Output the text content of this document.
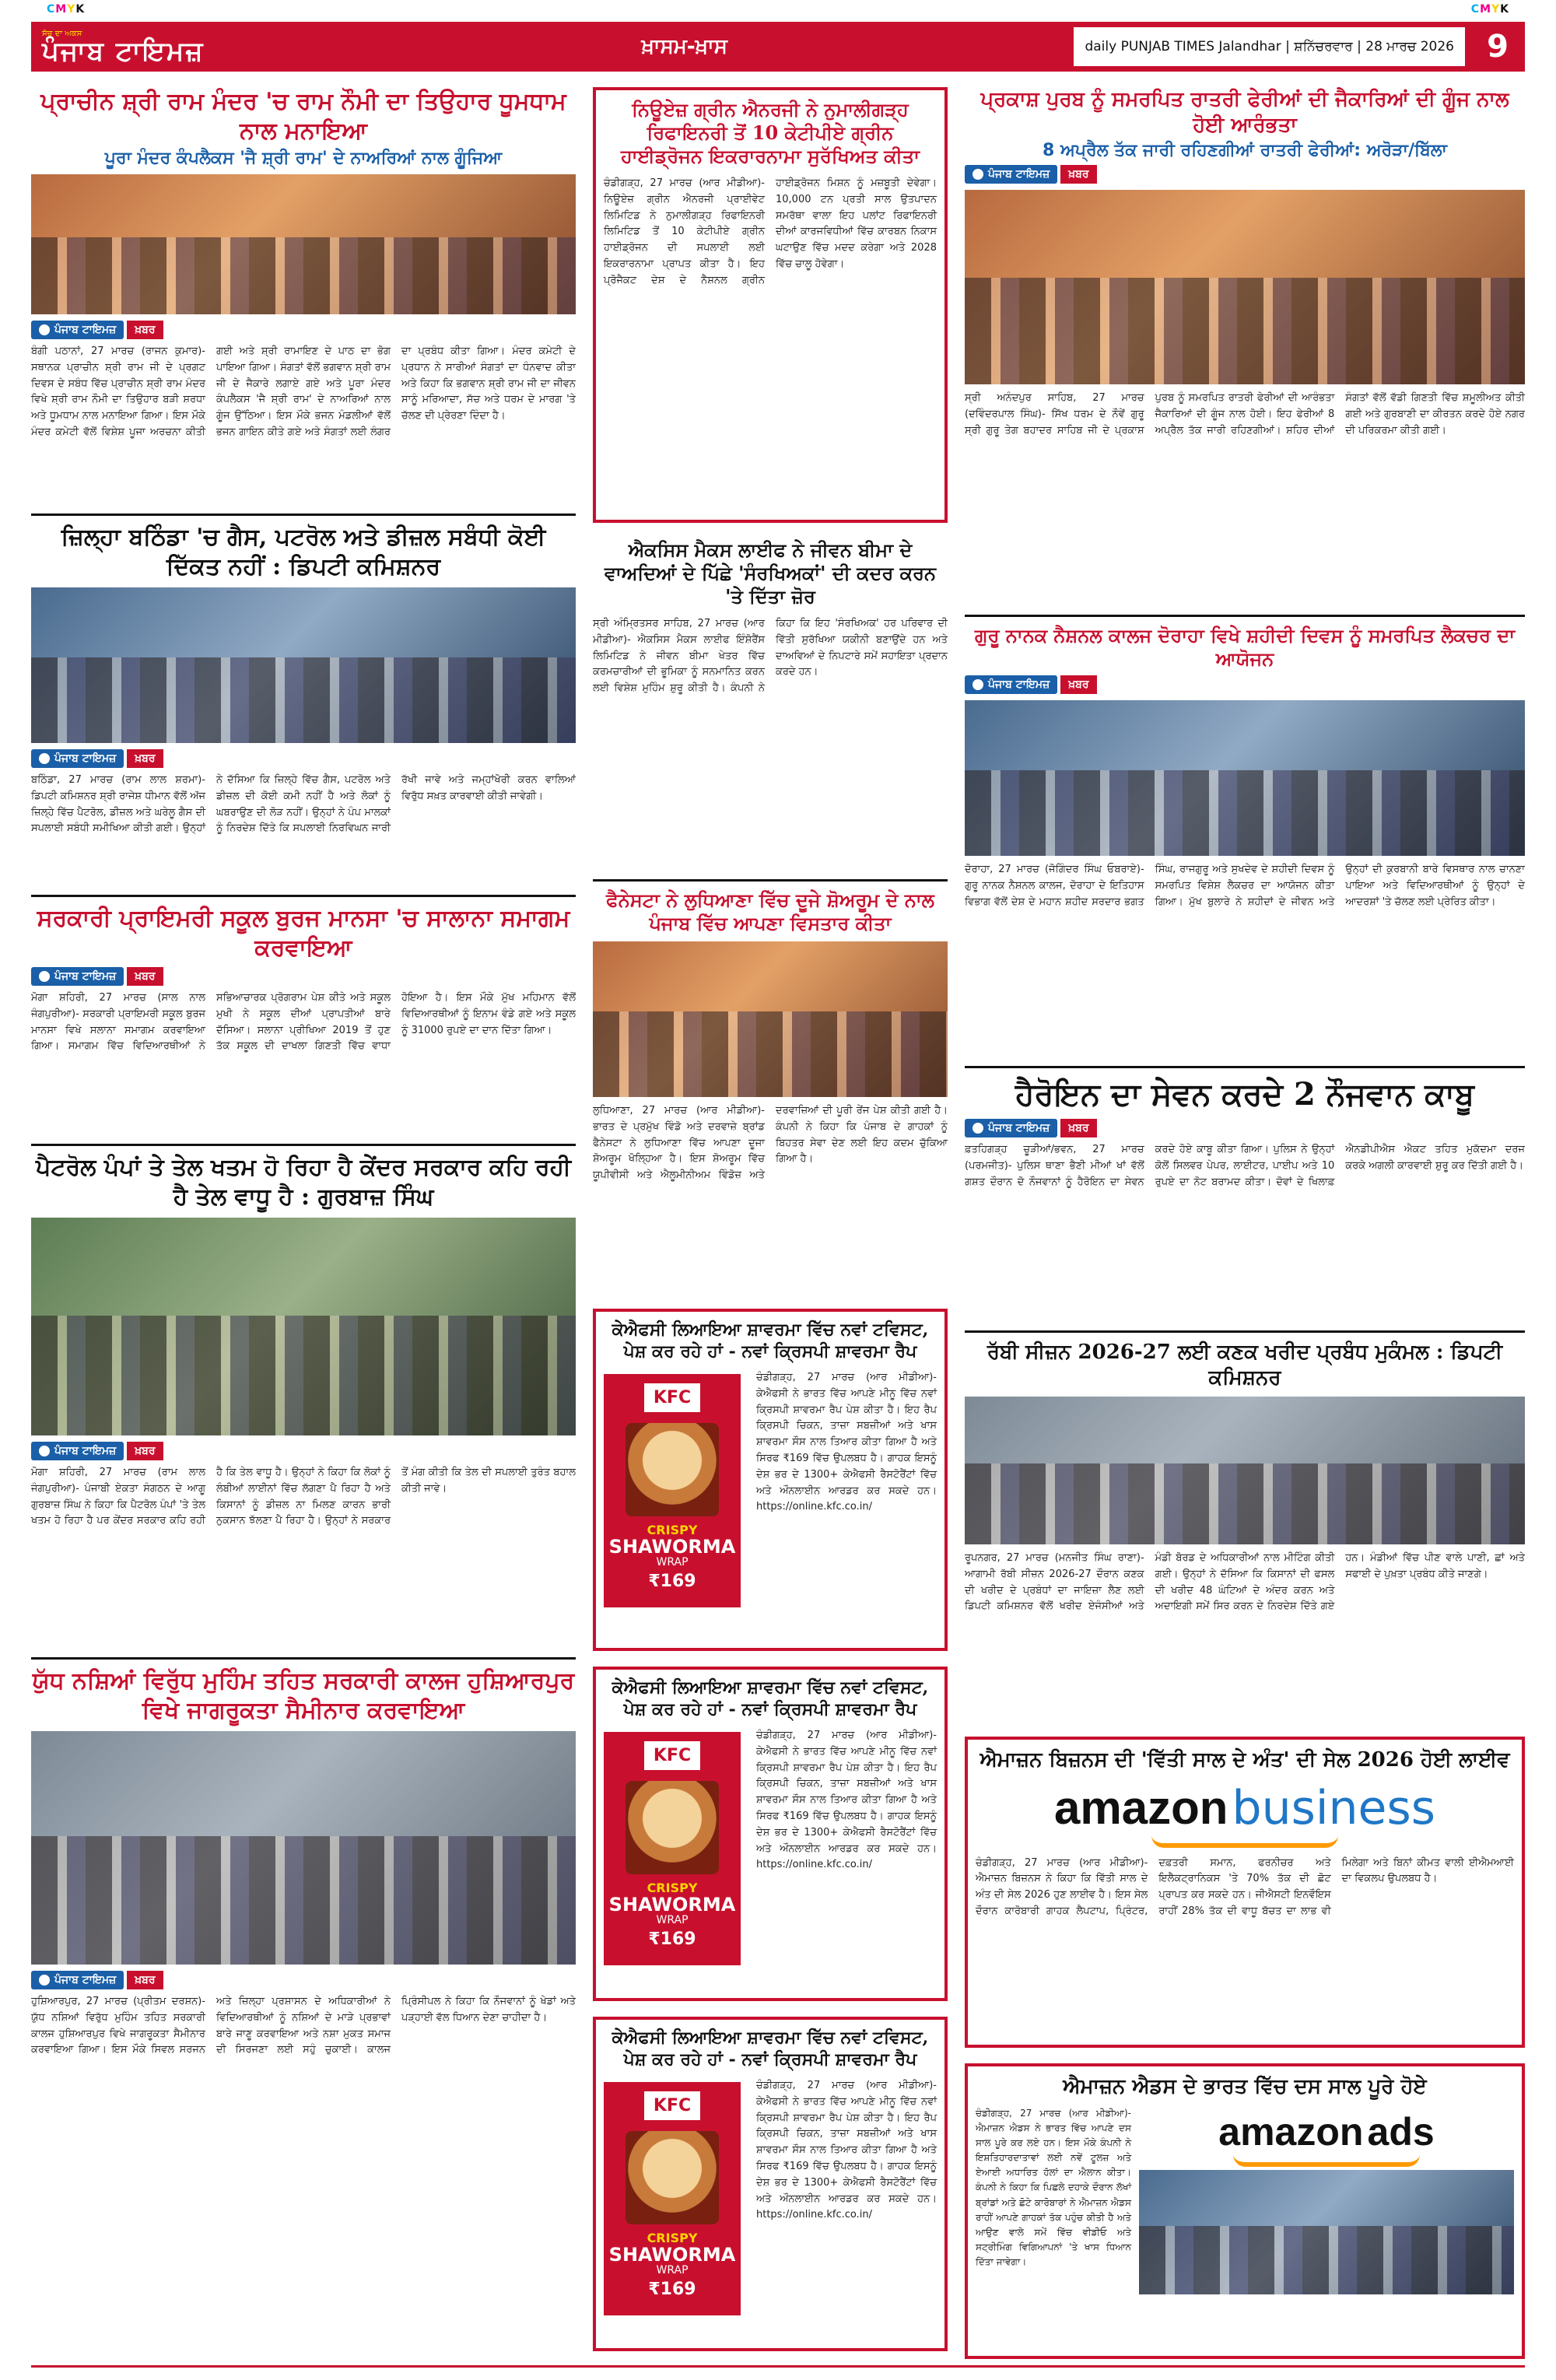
CMYK	CMYK
ਸੱਚ ਦਾ ਅਕਸ
ਪੰਜਾਬ ਟਾਇਮਜ਼	ਖ਼ਾਸਮ-ਖ਼ਾਸ	daily PUNJAB TIMES Jalandhar | ਸ਼ਨਿੱਚਰਵਾਰ | 28 ਮਾਰਚ 2026	9
ਪ੍ਰਾਚੀਨ ਸ਼੍ਰੀ ਰਾਮ ਮੰਦਰ 'ਚ ਰਾਮ ਨੌਮੀ ਦਾ ਤਿਉਹਾਰ ਧੂਮਧਾਮ ਨਾਲ ਮਨਾਇਆ
ਪੂਰਾ ਮੰਦਰ ਕੰਪਲੈਕਸ 'ਜੈ ਸ਼੍ਰੀ ਰਾਮ' ਦੇ ਨਾਅਰਿਆਂ ਨਾਲ ਗੂੰਜਿਆ
ਪੰਜਾਬ ਟਾਇਮਜ਼	ਖ਼ਬਰ
ਬੰਗੀ ਪਠਾਨਾਂ, 27 ਮਾਰਚ (ਰਾਜਨ ਕੁਮਾਰ)- ਸਥਾਨਕ ਪ੍ਰਾਚੀਨ ਸ਼੍ਰੀ ਰਾਮ ਜੀ ਦੇ ਪ੍ਰਗਟ ਦਿਵਸ ਦੇ ਸਬੰਧ ਵਿੱਚ ਪ੍ਰਾਚੀਨ ਸ਼੍ਰੀ ਰਾਮ ਮੰਦਰ ਵਿਖੇ ਸ਼੍ਰੀ ਰਾਮ ਨੌਮੀ ਦਾ ਤਿਉਹਾਰ ਬੜੀ ਸ਼ਰਧਾ ਅਤੇ ਧੂਮਧਾਮ ਨਾਲ ਮਨਾਇਆ ਗਿਆ। ਇਸ ਮੌਕੇ ਮੰਦਰ ਕਮੇਟੀ ਵੱਲੋਂ ਵਿਸ਼ੇਸ਼ ਪੂਜਾ ਅਰਚਨਾ ਕੀਤੀ ਗਈ ਅਤੇ ਸ਼੍ਰੀ ਰਾਮਾਇਣ ਦੇ ਪਾਠ ਦਾ ਭੋਗ ਪਾਇਆ ਗਿਆ। ਸੰਗਤਾਂ ਵੱਲੋਂ ਭਗਵਾਨ ਸ਼੍ਰੀ ਰਾਮ ਜੀ ਦੇ ਜੈਕਾਰੇ ਲਗਾਏ ਗਏ ਅਤੇ ਪੂਰਾ ਮੰਦਰ ਕੰਪਲੈਕਸ 'ਜੈ ਸ਼੍ਰੀ ਰਾਮ' ਦੇ ਨਾਅਰਿਆਂ ਨਾਲ ਗੂੰਜ ਉੱਠਿਆ। ਇਸ ਮੌਕੇ ਭਜਨ ਮੰਡਲੀਆਂ ਵੱਲੋਂ ਭਜਨ ਗਾਇਨ ਕੀਤੇ ਗਏ ਅਤੇ ਸੰਗਤਾਂ ਲਈ ਲੰਗਰ ਦਾ ਪ੍ਰਬੰਧ ਕੀਤਾ ਗਿਆ। ਮੰਦਰ ਕਮੇਟੀ ਦੇ ਪ੍ਰਧਾਨ ਨੇ ਸਾਰੀਆਂ ਸੰਗਤਾਂ ਦਾ ਧੰਨਵਾਦ ਕੀਤਾ ਅਤੇ ਕਿਹਾ ਕਿ ਭਗਵਾਨ ਸ਼੍ਰੀ ਰਾਮ ਜੀ ਦਾ ਜੀਵਨ ਸਾਨੂੰ ਮਰਿਆਦਾ, ਸੱਚ ਅਤੇ ਧਰਮ ਦੇ ਮਾਰਗ 'ਤੇ ਚੱਲਣ ਦੀ ਪ੍ਰੇਰਣਾ ਦਿੰਦਾ ਹੈ।
ਜ਼ਿਲ੍ਹਾ ਬਠਿੰਡਾ 'ਚ ਗੈਸ, ਪਟਰੋਲ ਅਤੇ ਡੀਜ਼ਲ ਸਬੰਧੀ ਕੋਈ ਦਿੱਕਤ ਨਹੀਂ : ਡਿਪਟੀ ਕਮਿਸ਼ਨਰ
ਪੰਜਾਬ ਟਾਇਮਜ਼	ਖ਼ਬਰ
ਬਠਿੰਡਾ, 27 ਮਾਰਚ (ਰਾਮ ਲਾਲ ਸ਼ਰਮਾ)- ਡਿਪਟੀ ਕਮਿਸ਼ਨਰ ਸ਼੍ਰੀ ਰਾਜੇਸ਼ ਧੀਮਾਨ ਵੱਲੋਂ ਅੱਜ ਜ਼ਿਲ੍ਹੇ ਵਿੱਚ ਪੈਟਰੋਲ, ਡੀਜ਼ਲ ਅਤੇ ਘਰੇਲੂ ਗੈਸ ਦੀ ਸਪਲਾਈ ਸਬੰਧੀ ਸਮੀਖਿਆ ਕੀਤੀ ਗਈ। ਉਨ੍ਹਾਂ ਨੇ ਦੱਸਿਆ ਕਿ ਜ਼ਿਲ੍ਹੇ ਵਿੱਚ ਗੈਸ, ਪਟਰੋਲ ਅਤੇ ਡੀਜ਼ਲ ਦੀ ਕੋਈ ਕਮੀ ਨਹੀਂ ਹੈ ਅਤੇ ਲੋਕਾਂ ਨੂੰ ਘਬਰਾਉਣ ਦੀ ਲੋੜ ਨਹੀਂ। ਉਨ੍ਹਾਂ ਨੇ ਪੰਪ ਮਾਲਕਾਂ ਨੂੰ ਨਿਰਦੇਸ਼ ਦਿੱਤੇ ਕਿ ਸਪਲਾਈ ਨਿਰਵਿਘਨ ਜਾਰੀ ਰੱਖੀ ਜਾਵੇ ਅਤੇ ਜਮ੍ਹਾਂਖੋਰੀ ਕਰਨ ਵਾਲਿਆਂ ਵਿਰੁੱਧ ਸਖ਼ਤ ਕਾਰਵਾਈ ਕੀਤੀ ਜਾਵੇਗੀ।
ਸਰਕਾਰੀ ਪ੍ਰਾਇਮਰੀ ਸਕੂਲ ਬੁਰਜ ਮਾਨਸਾ 'ਚ ਸਾਲਾਨਾ ਸਮਾਗਮ ਕਰਵਾਇਆ
ਪੰਜਾਬ ਟਾਇਮਜ਼	ਖ਼ਬਰ
ਮੋਗਾ ਸ਼ਹਿਰੀ, 27 ਮਾਰਚ (ਸਾਲ ਨਾਲ ਜੰਗਪੁਰੀਆ)- ਸਰਕਾਰੀ ਪ੍ਰਾਇਮਰੀ ਸਕੂਲ ਬੁਰਜ ਮਾਨਸਾ ਵਿਖੇ ਸਲਾਨਾ ਸਮਾਗਮ ਕਰਵਾਇਆ ਗਿਆ। ਸਮਾਗਮ ਵਿੱਚ ਵਿਦਿਆਰਥੀਆਂ ਨੇ ਸਭਿਆਚਾਰਕ ਪ੍ਰੋਗਰਾਮ ਪੇਸ਼ ਕੀਤੇ ਅਤੇ ਸਕੂਲ ਮੁਖੀ ਨੇ ਸਕੂਲ ਦੀਆਂ ਪ੍ਰਾਪਤੀਆਂ ਬਾਰੇ ਦੱਸਿਆ। ਸਲਾਨਾ ਪ੍ਰੀਖਿਆ 2019 ਤੋਂ ਹੁਣ ਤੱਕ ਸਕੂਲ ਦੀ ਦਾਖਲਾ ਗਿਣਤੀ ਵਿੱਚ ਵਾਧਾ ਹੋਇਆ ਹੈ। ਇਸ ਮੌਕੇ ਮੁੱਖ ਮਹਿਮਾਨ ਵੱਲੋਂ ਵਿਦਿਆਰਥੀਆਂ ਨੂੰ ਇਨਾਮ ਵੰਡੇ ਗਏ ਅਤੇ ਸਕੂਲ ਨੂੰ 31000 ਰੁਪਏ ਦਾ ਦਾਨ ਦਿੱਤਾ ਗਿਆ।
ਪੈਟਰੋਲ ਪੰਪਾਂ ਤੇ ਤੇਲ ਖਤਮ ਹੋ ਰਿਹਾ ਹੈ ਕੇਂਦਰ ਸਰਕਾਰ ਕਹਿ ਰਹੀ ਹੈ ਤੇਲ ਵਾਧੂ ਹੈ : ਗੁਰਬਾਜ਼ ਸਿੰਘ
ਪੰਜਾਬ ਟਾਇਮਜ਼	ਖ਼ਬਰ
ਮੋਗਾ ਸ਼ਹਿਰੀ, 27 ਮਾਰਚ (ਰਾਮ ਲਾਲ ਜੰਗਪੁਰੀਆ)- ਪੰਜਾਬੀ ਏਕਤਾ ਸੰਗਠਨ ਦੇ ਆਗੂ ਗੁਰਬਾਜ਼ ਸਿੰਘ ਨੇ ਕਿਹਾ ਕਿ ਪੈਟਰੋਲ ਪੰਪਾਂ 'ਤੇ ਤੇਲ ਖਤਮ ਹੋ ਰਿਹਾ ਹੈ ਪਰ ਕੇਂਦਰ ਸਰਕਾਰ ਕਹਿ ਰਹੀ ਹੈ ਕਿ ਤੇਲ ਵਾਧੂ ਹੈ। ਉਨ੍ਹਾਂ ਨੇ ਕਿਹਾ ਕਿ ਲੋਕਾਂ ਨੂੰ ਲੰਬੀਆਂ ਲਾਈਨਾਂ ਵਿੱਚ ਲੱਗਣਾ ਪੈ ਰਿਹਾ ਹੈ ਅਤੇ ਕਿਸਾਨਾਂ ਨੂੰ ਡੀਜ਼ਲ ਨਾ ਮਿਲਣ ਕਾਰਨ ਭਾਰੀ ਨੁਕਸਾਨ ਝੱਲਣਾ ਪੈ ਰਿਹਾ ਹੈ। ਉਨ੍ਹਾਂ ਨੇ ਸਰਕਾਰ ਤੋਂ ਮੰਗ ਕੀਤੀ ਕਿ ਤੇਲ ਦੀ ਸਪਲਾਈ ਤੁਰੰਤ ਬਹਾਲ ਕੀਤੀ ਜਾਵੇ।
ਯੁੱਧ ਨਸ਼ਿਆਂ ਵਿਰੁੱਧ ਮੁਹਿੰਮ ਤਹਿਤ ਸਰਕਾਰੀ ਕਾਲਜ ਹੁਸ਼ਿਆਰਪੁਰ ਵਿਖੇ ਜਾਗਰੂਕਤਾ ਸੈਮੀਨਾਰ ਕਰਵਾਇਆ
ਪੰਜਾਬ ਟਾਇਮਜ਼	ਖ਼ਬਰ
ਹੁਸ਼ਿਆਰਪੁਰ, 27 ਮਾਰਚ (ਪ੍ਰੀਤਮ ਦਰਸ਼ਨ)- ਯੁੱਧ ਨਸ਼ਿਆਂ ਵਿਰੁੱਧ ਮੁਹਿੰਮ ਤਹਿਤ ਸਰਕਾਰੀ ਕਾਲਜ ਹੁਸ਼ਿਆਰਪੁਰ ਵਿਖੇ ਜਾਗਰੂਕਤਾ ਸੈਮੀਨਾਰ ਕਰਵਾਇਆ ਗਿਆ। ਇਸ ਮੌਕੇ ਸਿਵਲ ਸਰਜਨ ਅਤੇ ਜ਼ਿਲ੍ਹਾ ਪ੍ਰਸ਼ਾਸਨ ਦੇ ਅਧਿਕਾਰੀਆਂ ਨੇ ਵਿਦਿਆਰਥੀਆਂ ਨੂੰ ਨਸ਼ਿਆਂ ਦੇ ਮਾੜੇ ਪ੍ਰਭਾਵਾਂ ਬਾਰੇ ਜਾਣੂ ਕਰਵਾਇਆ ਅਤੇ ਨਸ਼ਾ ਮੁਕਤ ਸਮਾਜ ਦੀ ਸਿਰਜਣਾ ਲਈ ਸਹੁੰ ਚੁਕਾਈ। ਕਾਲਜ ਪ੍ਰਿੰਸੀਪਲ ਨੇ ਕਿਹਾ ਕਿ ਨੌਜਵਾਨਾਂ ਨੂੰ ਖੇਡਾਂ ਅਤੇ ਪੜ੍ਹਾਈ ਵੱਲ ਧਿਆਨ ਦੇਣਾ ਚਾਹੀਦਾ ਹੈ।
ਨਿਊਏਜ਼ ਗ੍ਰੀਨ ਐਨਰਜੀ ਨੇ ਨੁਮਾਲੀਗੜ੍ਹ ਰਿਫਾਇਨਰੀ ਤੋਂ 10 ਕੇਟੀਪੀਏ ਗ੍ਰੀਨ ਹਾਈਡ੍ਰੋਜਨ ਇਕਰਾਰਨਾਮਾ ਸੁਰੱਖਿਅਤ ਕੀਤਾ
ਚੰਡੀਗੜ੍ਹ, 27 ਮਾਰਚ (ਆਰ ਮੀਡੀਆ)- ਨਿਊਏਜ਼ ਗ੍ਰੀਨ ਐਨਰਜੀ ਪ੍ਰਾਈਵੇਟ ਲਿਮਿਟਿਡ ਨੇ ਨੁਮਾਲੀਗੜ੍ਹ ਰਿਫਾਇਨਰੀ ਲਿਮਿਟਿਡ ਤੋਂ 10 ਕੇਟੀਪੀਏ ਗ੍ਰੀਨ ਹਾਈਡ੍ਰੋਜਨ ਦੀ ਸਪਲਾਈ ਲਈ ਇਕਰਾਰਨਾਮਾ ਪ੍ਰਾਪਤ ਕੀਤਾ ਹੈ। ਇਹ ਪ੍ਰੋਜੈਕਟ ਦੇਸ਼ ਦੇ ਨੈਸ਼ਨਲ ਗ੍ਰੀਨ ਹਾਈਡ੍ਰੋਜਨ ਮਿਸ਼ਨ ਨੂੰ ਮਜ਼ਬੂਤੀ ਦੇਵੇਗਾ। 10,000 ਟਨ ਪ੍ਰਤੀ ਸਾਲ ਉਤਪਾਦਨ ਸਮਰੱਥਾ ਵਾਲਾ ਇਹ ਪਲਾਂਟ ਰਿਫਾਇਨਰੀ ਦੀਆਂ ਕਾਰਜਵਿਧੀਆਂ ਵਿੱਚ ਕਾਰਬਨ ਨਿਕਾਸ ਘਟਾਉਣ ਵਿੱਚ ਮਦਦ ਕਰੇਗਾ ਅਤੇ 2028 ਵਿੱਚ ਚਾਲੂ ਹੋਵੇਗਾ।
ਐਕਸਿਸ ਮੈਕਸ ਲਾਈਫ ਨੇ ਜੀਵਨ ਬੀਮਾ ਦੇ ਵਾਅਦਿਆਂ ਦੇ ਪਿੱਛੇ 'ਸੰਰਖਿਅਕਾਂ' ਦੀ ਕਦਰ ਕਰਨ 'ਤੇ ਦਿੱਤਾ ਜ਼ੋਰ
ਸ੍ਰੀ ਅੰਮ੍ਰਿਤਸਰ ਸਾਹਿਬ, 27 ਮਾਰਚ (ਆਰ ਮੀਡੀਆ)- ਐਕਸਿਸ ਮੈਕਸ ਲਾਈਫ ਇੰਸ਼ੋਰੈਂਸ ਲਿਮਿਟਿਡ ਨੇ ਜੀਵਨ ਬੀਮਾ ਖੇਤਰ ਵਿੱਚ ਕਰਮਚਾਰੀਆਂ ਦੀ ਭੂਮਿਕਾ ਨੂੰ ਸਨਮਾਨਿਤ ਕਰਨ ਲਈ ਵਿਸ਼ੇਸ਼ ਮੁਹਿੰਮ ਸ਼ੁਰੂ ਕੀਤੀ ਹੈ। ਕੰਪਨੀ ਨੇ ਕਿਹਾ ਕਿ ਇਹ 'ਸੰਰਖਿਅਕ' ਹਰ ਪਰਿਵਾਰ ਦੀ ਵਿੱਤੀ ਸੁਰੱਖਿਆ ਯਕੀਨੀ ਬਣਾਉਂਦੇ ਹਨ ਅਤੇ ਦਾਅਵਿਆਂ ਦੇ ਨਿਪਟਾਰੇ ਸਮੇਂ ਸਹਾਇਤਾ ਪ੍ਰਦਾਨ ਕਰਦੇ ਹਨ।
ਫੈਨੇਸਟਾ ਨੇ ਲੁਧਿਆਣਾ ਵਿੱਚ ਦੂਜੇ ਸ਼ੋਅਰੂਮ ਦੇ ਨਾਲ ਪੰਜਾਬ ਵਿੱਚ ਆਪਣਾ ਵਿਸਤਾਰ ਕੀਤਾ
ਲੁਧਿਆਣਾ, 27 ਮਾਰਚ (ਆਰ ਮੀਡੀਆ)- ਭਾਰਤ ਦੇ ਪ੍ਰਮੁੱਖ ਵਿੰਡੋ ਅਤੇ ਦਰਵਾਜ਼ੇ ਬ੍ਰਾਂਡ ਫੈਨੇਸਟਾ ਨੇ ਲੁਧਿਆਣਾ ਵਿੱਚ ਆਪਣਾ ਦੂਜਾ ਸ਼ੋਅਰੂਮ ਖੋਲ੍ਹਿਆ ਹੈ। ਇਸ ਸ਼ੋਅਰੂਮ ਵਿੱਚ ਯੂਪੀਵੀਸੀ ਅਤੇ ਐਲੂਮੀਨੀਅਮ ਵਿੰਡੋਜ਼ ਅਤੇ ਦਰਵਾਜ਼ਿਆਂ ਦੀ ਪੂਰੀ ਰੇਂਜ ਪੇਸ਼ ਕੀਤੀ ਗਈ ਹੈ। ਕੰਪਨੀ ਨੇ ਕਿਹਾ ਕਿ ਪੰਜਾਬ ਦੇ ਗਾਹਕਾਂ ਨੂੰ ਬਿਹਤਰ ਸੇਵਾ ਦੇਣ ਲਈ ਇਹ ਕਦਮ ਚੁੱਕਿਆ ਗਿਆ ਹੈ।
ਕੇਐਫਸੀ ਲਿਆਇਆ ਸ਼ਾਵਰਮਾ ਵਿੱਚ ਨਵਾਂ ਟਵਿਸਟ, ਪੇਸ਼ ਕਰ ਰਹੇ ਹਾਂ - ਨਵਾਂ ਕ੍ਰਿਸਪੀ ਸ਼ਾਵਰਮਾ ਰੈਪ
KFC
CRISPY
SHAWORMA
WRAP
₹169
ਚੰਡੀਗੜ੍ਹ, 27 ਮਾਰਚ (ਆਰ ਮੀਡੀਆ)- ਕੇਐਫਸੀ ਨੇ ਭਾਰਤ ਵਿੱਚ ਆਪਣੇ ਮੀਨੂ ਵਿੱਚ ਨਵਾਂ ਕ੍ਰਿਸਪੀ ਸ਼ਾਵਰਮਾ ਰੈਪ ਪੇਸ਼ ਕੀਤਾ ਹੈ। ਇਹ ਰੈਪ ਕ੍ਰਿਸਪੀ ਚਿਕਨ, ਤਾਜ਼ਾ ਸਬਜ਼ੀਆਂ ਅਤੇ ਖਾਸ ਸ਼ਾਵਰਮਾ ਸੌਸ ਨਾਲ ਤਿਆਰ ਕੀਤਾ ਗਿਆ ਹੈ ਅਤੇ ਸਿਰਫ ₹169 ਵਿੱਚ ਉਪਲਬਧ ਹੈ। ਗਾਹਕ ਇਸਨੂੰ ਦੇਸ਼ ਭਰ ਦੇ 1300+ ਕੇਐਫਸੀ ਰੈਸਟੋਰੈਂਟਾਂ ਵਿੱਚ ਅਤੇ ਔਨਲਾਈਨ ਆਰਡਰ ਕਰ ਸਕਦੇ ਹਨ। https://online.kfc.co.in/
ਕੇਐਫਸੀ ਲਿਆਇਆ ਸ਼ਾਵਰਮਾ ਵਿੱਚ ਨਵਾਂ ਟਵਿਸਟ, ਪੇਸ਼ ਕਰ ਰਹੇ ਹਾਂ - ਨਵਾਂ ਕ੍ਰਿਸਪੀ ਸ਼ਾਵਰਮਾ ਰੈਪ
KFC
CRISPY
SHAWORMA
WRAP
₹169
ਚੰਡੀਗੜ੍ਹ, 27 ਮਾਰਚ (ਆਰ ਮੀਡੀਆ)- ਕੇਐਫਸੀ ਨੇ ਭਾਰਤ ਵਿੱਚ ਆਪਣੇ ਮੀਨੂ ਵਿੱਚ ਨਵਾਂ ਕ੍ਰਿਸਪੀ ਸ਼ਾਵਰਮਾ ਰੈਪ ਪੇਸ਼ ਕੀਤਾ ਹੈ। ਇਹ ਰੈਪ ਕ੍ਰਿਸਪੀ ਚਿਕਨ, ਤਾਜ਼ਾ ਸਬਜ਼ੀਆਂ ਅਤੇ ਖਾਸ ਸ਼ਾਵਰਮਾ ਸੌਸ ਨਾਲ ਤਿਆਰ ਕੀਤਾ ਗਿਆ ਹੈ ਅਤੇ ਸਿਰਫ ₹169 ਵਿੱਚ ਉਪਲਬਧ ਹੈ। ਗਾਹਕ ਇਸਨੂੰ ਦੇਸ਼ ਭਰ ਦੇ 1300+ ਕੇਐਫਸੀ ਰੈਸਟੋਰੈਂਟਾਂ ਵਿੱਚ ਅਤੇ ਔਨਲਾਈਨ ਆਰਡਰ ਕਰ ਸਕਦੇ ਹਨ। https://online.kfc.co.in/
ਕੇਐਫਸੀ ਲਿਆਇਆ ਸ਼ਾਵਰਮਾ ਵਿੱਚ ਨਵਾਂ ਟਵਿਸਟ, ਪੇਸ਼ ਕਰ ਰਹੇ ਹਾਂ - ਨਵਾਂ ਕ੍ਰਿਸਪੀ ਸ਼ਾਵਰਮਾ ਰੈਪ
KFC
CRISPY
SHAWORMA
WRAP
₹169
ਚੰਡੀਗੜ੍ਹ, 27 ਮਾਰਚ (ਆਰ ਮੀਡੀਆ)- ਕੇਐਫਸੀ ਨੇ ਭਾਰਤ ਵਿੱਚ ਆਪਣੇ ਮੀਨੂ ਵਿੱਚ ਨਵਾਂ ਕ੍ਰਿਸਪੀ ਸ਼ਾਵਰਮਾ ਰੈਪ ਪੇਸ਼ ਕੀਤਾ ਹੈ। ਇਹ ਰੈਪ ਕ੍ਰਿਸਪੀ ਚਿਕਨ, ਤਾਜ਼ਾ ਸਬਜ਼ੀਆਂ ਅਤੇ ਖਾਸ ਸ਼ਾਵਰਮਾ ਸੌਸ ਨਾਲ ਤਿਆਰ ਕੀਤਾ ਗਿਆ ਹੈ ਅਤੇ ਸਿਰਫ ₹169 ਵਿੱਚ ਉਪਲਬਧ ਹੈ। ਗਾਹਕ ਇਸਨੂੰ ਦੇਸ਼ ਭਰ ਦੇ 1300+ ਕੇਐਫਸੀ ਰੈਸਟੋਰੈਂਟਾਂ ਵਿੱਚ ਅਤੇ ਔਨਲਾਈਨ ਆਰਡਰ ਕਰ ਸਕਦੇ ਹਨ। https://online.kfc.co.in/
ਪ੍ਰਕਾਸ਼ ਪੁਰਬ ਨੂੰ ਸਮਰਪਿਤ ਰਾਤਰੀ ਫੇਰੀਆਂ ਦੀ ਜੈਕਾਰਿਆਂ ਦੀ ਗੂੰਜ ਨਾਲ ਹੋਈ ਆਰੰਭਤਾ
8 ਅਪ੍ਰੈਲ ਤੱਕ ਜਾਰੀ ਰਹਿਣਗੀਆਂ ਰਾਤਰੀ ਫੇਰੀਆਂ: ਅਰੋੜਾ/ਬਿੱਲਾ
ਪੰਜਾਬ ਟਾਇਮਜ਼	ਖ਼ਬਰ
ਸ੍ਰੀ ਅਨੰਦਪੁਰ ਸਾਹਿਬ, 27 ਮਾਰਚ (ਦਵਿੰਦਰਪਾਲ ਸਿੰਘ)- ਸਿੱਖ ਧਰਮ ਦੇ ਨੌਵੇਂ ਗੁਰੂ ਸ੍ਰੀ ਗੁਰੂ ਤੇਗ ਬਹਾਦਰ ਸਾਹਿਬ ਜੀ ਦੇ ਪ੍ਰਕਾਸ਼ ਪੁਰਬ ਨੂੰ ਸਮਰਪਿਤ ਰਾਤਰੀ ਫੇਰੀਆਂ ਦੀ ਆਰੰਭਤਾ ਜੈਕਾਰਿਆਂ ਦੀ ਗੂੰਜ ਨਾਲ ਹੋਈ। ਇਹ ਫੇਰੀਆਂ 8 ਅਪ੍ਰੈਲ ਤੱਕ ਜਾਰੀ ਰਹਿਣਗੀਆਂ। ਸ਼ਹਿਰ ਦੀਆਂ ਸੰਗਤਾਂ ਵੱਲੋਂ ਵੱਡੀ ਗਿਣਤੀ ਵਿੱਚ ਸ਼ਮੂਲੀਅਤ ਕੀਤੀ ਗਈ ਅਤੇ ਗੁਰਬਾਣੀ ਦਾ ਕੀਰਤਨ ਕਰਦੇ ਹੋਏ ਨਗਰ ਦੀ ਪਰਿਕਰਮਾ ਕੀਤੀ ਗਈ।
ਗੁਰੂ ਨਾਨਕ ਨੈਸ਼ਨਲ ਕਾਲਜ ਦੋਰਾਹਾ ਵਿਖੇ ਸ਼ਹੀਦੀ ਦਿਵਸ ਨੂੰ ਸਮਰਪਿਤ ਲੈਕਚਰ ਦਾ ਆਯੋਜਨ
ਪੰਜਾਬ ਟਾਇਮਜ਼	ਖ਼ਬਰ
ਦੋਰਾਹਾ, 27 ਮਾਰਚ (ਜੋਗਿੰਦਰ ਸਿੰਘ ਓਬਰਾਏ)- ਗੁਰੂ ਨਾਨਕ ਨੈਸ਼ਨਲ ਕਾਲਜ, ਦੋਰਾਹਾ ਦੇ ਇਤਿਹਾਸ ਵਿਭਾਗ ਵੱਲੋਂ ਦੇਸ਼ ਦੇ ਮਹਾਨ ਸ਼ਹੀਦ ਸਰਦਾਰ ਭਗਤ ਸਿੰਘ, ਰਾਜਗੁਰੂ ਅਤੇ ਸੁਖਦੇਵ ਦੇ ਸ਼ਹੀਦੀ ਦਿਵਸ ਨੂੰ ਸਮਰਪਿਤ ਵਿਸ਼ੇਸ਼ ਲੈਕਚਰ ਦਾ ਆਯੋਜਨ ਕੀਤਾ ਗਿਆ। ਮੁੱਖ ਬੁਲਾਰੇ ਨੇ ਸ਼ਹੀਦਾਂ ਦੇ ਜੀਵਨ ਅਤੇ ਉਨ੍ਹਾਂ ਦੀ ਕੁਰਬਾਨੀ ਬਾਰੇ ਵਿਸਥਾਰ ਨਾਲ ਚਾਨਣਾ ਪਾਇਆ ਅਤੇ ਵਿਦਿਆਰਥੀਆਂ ਨੂੰ ਉਨ੍ਹਾਂ ਦੇ ਆਦਰਸ਼ਾਂ 'ਤੇ ਚੱਲਣ ਲਈ ਪ੍ਰੇਰਿਤ ਕੀਤਾ।
ਹੈਰੋਇਨ ਦਾ ਸੇਵਨ ਕਰਦੇ 2 ਨੌਜਵਾਨ ਕਾਬੂ
ਪੰਜਾਬ ਟਾਇਮਜ਼	ਖ਼ਬਰ
ਫ਼ਤਹਿਗੜ੍ਹ ਚੂੜੀਆਂ/ਭਵਨ, 27 ਮਾਰਚ (ਪਰਮਜੀਤ)- ਪੁਲਿਸ ਥਾਣਾ ਭੈਣੀ ਮੀਆਂ ਖਾਂ ਵੱਲੋਂ ਗਸ਼ਤ ਦੌਰਾਨ ਦੋ ਨੌਜਵਾਨਾਂ ਨੂੰ ਹੈਰੋਇਨ ਦਾ ਸੇਵਨ ਕਰਦੇ ਹੋਏ ਕਾਬੂ ਕੀਤਾ ਗਿਆ। ਪੁਲਿਸ ਨੇ ਉਨ੍ਹਾਂ ਕੋਲੋਂ ਸਿਲਵਰ ਪੇਪਰ, ਲਾਈਟਰ, ਪਾਈਪ ਅਤੇ 10 ਰੁਪਏ ਦਾ ਨੋਟ ਬਰਾਮਦ ਕੀਤਾ। ਦੋਵਾਂ ਦੇ ਖਿਲਾਫ਼ ਐਨਡੀਪੀਐਸ ਐਕਟ ਤਹਿਤ ਮੁਕੱਦਮਾ ਦਰਜ ਕਰਕੇ ਅਗਲੀ ਕਾਰਵਾਈ ਸ਼ੁਰੂ ਕਰ ਦਿੱਤੀ ਗਈ ਹੈ।
ਰੱਬੀ ਸੀਜ਼ਨ 2026-27 ਲਈ ਕਣਕ ਖਰੀਦ ਪ੍ਰਬੰਧ ਮੁਕੰਮਲ : ਡਿਪਟੀ ਕਮਿਸ਼ਨਰ
ਰੂਪਨਗਰ, 27 ਮਾਰਚ (ਮਨਜੀਤ ਸਿੰਘ ਰਾਣਾ)- ਆਗਾਮੀ ਰੱਬੀ ਸੀਜ਼ਨ 2026-27 ਦੌਰਾਨ ਕਣਕ ਦੀ ਖਰੀਦ ਦੇ ਪ੍ਰਬੰਧਾਂ ਦਾ ਜਾਇਜ਼ਾ ਲੈਣ ਲਈ ਡਿਪਟੀ ਕਮਿਸ਼ਨਰ ਵੱਲੋਂ ਖਰੀਦ ਏਜੰਸੀਆਂ ਅਤੇ ਮੰਡੀ ਬੋਰਡ ਦੇ ਅਧਿਕਾਰੀਆਂ ਨਾਲ ਮੀਟਿੰਗ ਕੀਤੀ ਗਈ। ਉਨ੍ਹਾਂ ਨੇ ਦੱਸਿਆ ਕਿ ਕਿਸਾਨਾਂ ਦੀ ਫਸਲ ਦੀ ਖਰੀਦ 48 ਘੰਟਿਆਂ ਦੇ ਅੰਦਰ ਕਰਨ ਅਤੇ ਅਦਾਇਗੀ ਸਮੇਂ ਸਿਰ ਕਰਨ ਦੇ ਨਿਰਦੇਸ਼ ਦਿੱਤੇ ਗਏ ਹਨ। ਮੰਡੀਆਂ ਵਿੱਚ ਪੀਣ ਵਾਲੇ ਪਾਣੀ, ਛਾਂ ਅਤੇ ਸਫਾਈ ਦੇ ਪੁਖ਼ਤਾ ਪ੍ਰਬੰਧ ਕੀਤੇ ਜਾਣਗੇ।
ਐਮਾਜ਼ਨ ਬਿਜ਼ਨਸ ਦੀ 'ਵਿੱਤੀ ਸਾਲ ਦੇ ਅੰਤ' ਦੀ ਸੇਲ 2026 ਹੋਈ ਲਾਈਵ
amazon business
ਚੰਡੀਗੜ੍ਹ, 27 ਮਾਰਚ (ਆਰ ਮੀਡੀਆ)- ਐਮਾਜ਼ਨ ਬਿਜ਼ਨਸ ਨੇ ਕਿਹਾ ਕਿ ਵਿੱਤੀ ਸਾਲ ਦੇ ਅੰਤ ਦੀ ਸੇਲ 2026 ਹੁਣ ਲਾਈਵ ਹੈ। ਇਸ ਸੇਲ ਦੌਰਾਨ ਕਾਰੋਬਾਰੀ ਗਾਹਕ ਲੈਪਟਾਪ, ਪ੍ਰਿੰਟਰ, ਦਫ਼ਤਰੀ ਸਮਾਨ, ਫਰਨੀਚਰ ਅਤੇ ਇਲੈਕਟ੍ਰਾਨਿਕਸ 'ਤੇ 70% ਤੱਕ ਦੀ ਛੋਟ ਪ੍ਰਾਪਤ ਕਰ ਸਕਦੇ ਹਨ। ਜੀਐਸਟੀ ਇਨਵੌਇਸ ਰਾਹੀਂ 28% ਤੱਕ ਦੀ ਵਾਧੂ ਬੱਚਤ ਦਾ ਲਾਭ ਵੀ ਮਿਲੇਗਾ ਅਤੇ ਬਿਨਾਂ ਕੀਮਤ ਵਾਲੀ ਈਐਮਆਈ ਦਾ ਵਿਕਲਪ ਉਪਲਬਧ ਹੈ।
ਐਮਾਜ਼ਨ ਐਡਸ ਦੇ ਭਾਰਤ ਵਿੱਚ ਦਸ ਸਾਲ ਪੂਰੇ ਹੋਏ
ਚੰਡੀਗੜ੍ਹ, 27 ਮਾਰਚ (ਆਰ ਮੀਡੀਆ)- ਐਮਾਜ਼ਨ ਐਡਸ ਨੇ ਭਾਰਤ ਵਿੱਚ ਆਪਣੇ ਦਸ ਸਾਲ ਪੂਰੇ ਕਰ ਲਏ ਹਨ। ਇਸ ਮੌਕੇ ਕੰਪਨੀ ਨੇ ਇਸ਼ਤਿਹਾਰਦਾਤਾਵਾਂ ਲਈ ਨਵੇਂ ਟੂਲਜ਼ ਅਤੇ ਏਆਈ ਅਧਾਰਿਤ ਹੱਲਾਂ ਦਾ ਐਲਾਨ ਕੀਤਾ। ਕੰਪਨੀ ਨੇ ਕਿਹਾ ਕਿ ਪਿਛਲੇ ਦਹਾਕੇ ਦੌਰਾਨ ਲੱਖਾਂ ਬ੍ਰਾਂਡਾਂ ਅਤੇ ਛੋਟੇ ਕਾਰੋਬਾਰਾਂ ਨੇ ਐਮਾਜ਼ਨ ਐਡਸ ਰਾਹੀਂ ਆਪਣੇ ਗਾਹਕਾਂ ਤੱਕ ਪਹੁੰਚ ਕੀਤੀ ਹੈ ਅਤੇ ਆਉਣ ਵਾਲੇ ਸਮੇਂ ਵਿੱਚ ਵੀਡੀਓ ਅਤੇ ਸਟ੍ਰੀਮਿੰਗ ਵਿਗਿਆਪਨਾਂ 'ਤੇ ਖਾਸ ਧਿਆਨ ਦਿੱਤਾ ਜਾਵੇਗਾ।
amazon ads
